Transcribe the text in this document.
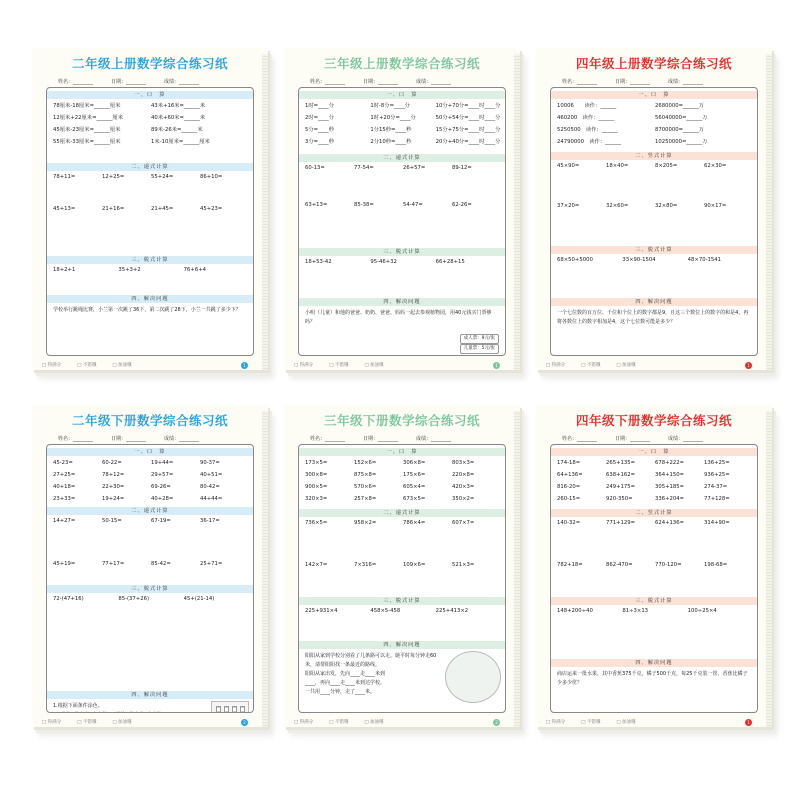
二年级上册数学综合练习纸
姓名：________	日期：________	成绩：________
一、口　算
78厘米-18厘米=______厘米	43米+16米=______米
12厘米+22厘米=______厘米	40米+60米=______米
45厘米-23厘米=______厘米	89米-26米=______米
55厘米-33厘米=______厘米	1米-10厘米=______厘米
二、递式计算
78+11=	12+25=	55+24=	86+10=
45+13=	21+16=	21+45=	45+23=
三、脱式计算
18+2+1	35+3+2	76+6+4
四、解决问题
学校举行跳绳比赛，小兰第一次跳了36下，第二次跳了28下，小兰一共跳了多少下？
□ 得满分	□ 不错哦	□ 加油哦	1
三年级上册数学综合练习纸
姓名：________	日期：________	成绩：________
一、口　算
1时=____分	1时-8分=____分	10分+70分=____时____分
2时=____分	1时+20分=____分	50分+54分=____时____分
5分=____秒	1分15秒=____秒	15分+75分=____时____分
3分=____秒	2分10秒=____秒	20分+40分=____时____分
二、递式计算
60-13=	77-54=	26+57=	89-12=
63+13=	85-38=	54-47=	62-26=
三、脱式计算
18+53-42	95-46+32	66+28+15
四、解决问题
小明（儿童）和他的爸爸、奶奶、爸爸、妈妈一起去参观植物园，用40元钱买门票够吗？
成人票：9元/张
儿童票：5元/张
□ 得满分	□ 不错哦	□ 加油哦	1
四年级上册数学综合练习纸
姓名：________	日期：________	成绩：________
一、口　算
10006　　读作：______	2680000=______万
460200　读作：______	56040000=______万
5250500　读作：______	8700000=______万
24790000　读作：______	10250000=______万
二、竖式计算
45×90=	18×40=	8×205=	62×30=
37×20=	32×60=	32×80=	90×17=
三、脱式计算
68×50+5000	33×90-1504	48×70-1541
四、解决问题
一个七位数的百万位、千位和个位上的数字都是9，且这三个数位上的数字的和是4，再将各数位上的数字相加是4，这个七位数可能是多少？
□ 得满分	□ 不错哦	□ 加油哦	1
二年级下册数学综合练习纸
姓名：________	日期：________	成绩：________
一、口　算
45-23=	60-22=	19+44=	90-37=
27+25=	78+12=	29+57=	40+51=
40+18=	22+30=	69-26=	80-42=
23+33=	19+24=	40+28=	44+44=
二、递式计算
14+27=	50-15=	67-19=	36-17=
45+19=	77+17=	85-42=	25+71=
三、脱式计算
72-(47+16)	85-(37+26)	45+(21-14)
四、解决问题
1.根据下面条件涂色。

□ 得满分	□ 不错哦	□ 加油哦	2
三年级下册数学综合练习纸
姓名：________	日期：________	成绩：________
一、口　算
173×5=	152×6=	306×8=	803×3=
300×8=	875×8=	175×6=	220×8=
900×5=	570×6=	605×4=	420×3=
320×3=	257×8=	673×5=	350×2=
二、递式计算
736×5=	958×2=	786×4=	607×7=
142×7=	7×316=	109×6=	521×3=
三、脱式计算
225+931×4	458×5-458	225+413×2
四、解决问题
阳阳从家到学校分别看了几条路可以走。她平时每分钟走60米，请帮阳阳找一条最近的路线。
阳阳从家出发，先向____走____米到
____，再向____走____米到达学校。
一共用____分钟，走了____米。
□ 得满分	□ 不错哦	□ 加油哦	2
四年级下册数学综合练习纸
姓名：________	日期：________	成绩：________
一、口　算
174-18=	265+135=	678+222=	136+25=
64+136=	638+162=	364+150=	936+25=
816-20=	249+175=	305+185=	274-37=
260-15=	920-350=	336+204=	77+128=
二、竖式计算
140-32=	771+129=	624+136=	314+90=
782+18=	862-470=	770-120=	198-68=
三、脱式计算
148+200÷40	81÷3×13	100÷25×4
四、解决问题
商店运来一批水果，其中香蕉375千克，橘子500千克，每25千克装一筐，香蕉比橘子少多少筐？
□ 得满分	□ 不错哦	□ 加油哦	1
